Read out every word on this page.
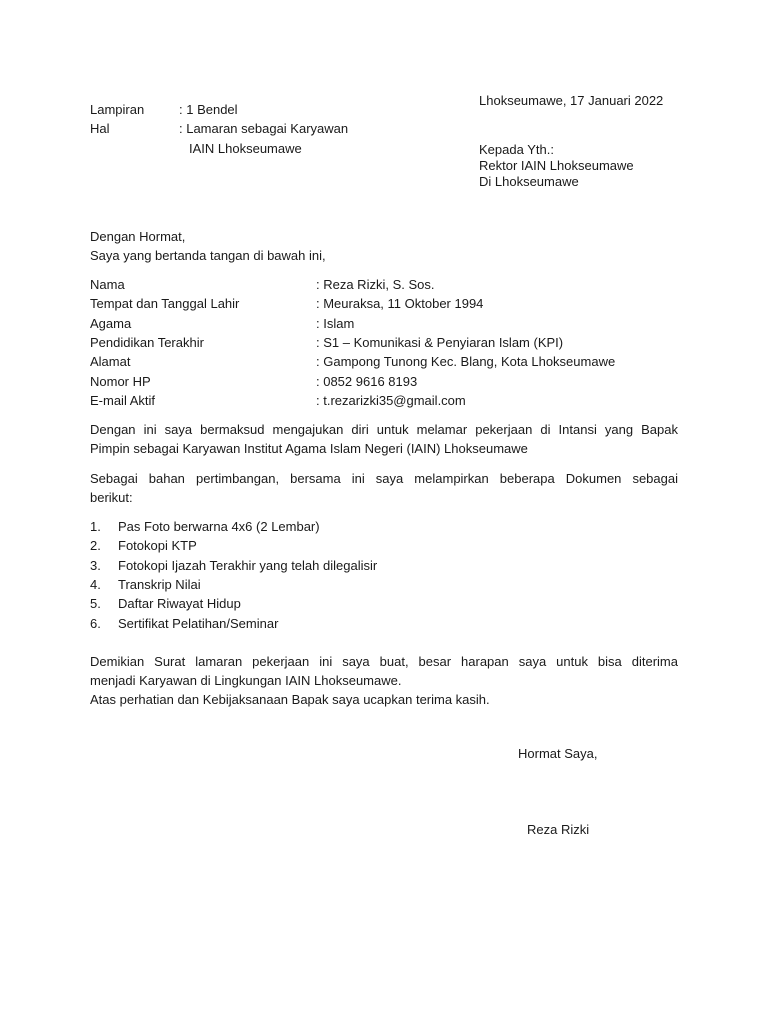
Lhokseumawe, 17 Januari 2022
Lampiran	: 1 Bendel
Hal	: Lamaran sebagai Karyawan
IAIN Lhokseumawe	Kepada Yth.:
Rektor IAIN Lhokseumawe
Di Lhokseumawe
Dengan Hormat,
Saya yang bertanda tangan di bawah ini,
Nama	: Reza Rizki, S. Sos.
Tempat dan Tanggal Lahir	: Meuraksa, 11 Oktober 1994
Agama	: Islam
Pendidikan Terakhir	: S1 – Komunikasi & Penyiaran Islam (KPI)
Alamat	: Gampong Tunong Kec. Blang, Kota Lhokseumawe
Nomor HP	: 0852 9616 8193
E-mail Aktif	: t.rezarizki35@gmail.com
Dengan ini saya bermaksud mengajukan diri untuk melamar pekerjaan di Intansi yang Bapak
Pimpin sebagai Karyawan Institut Agama Islam Negeri (IAIN) Lhokseumawe
Sebagai bahan pertimbangan, bersama ini saya melampirkan beberapa Dokumen sebagai
berikut:
1. Pas Foto berwarna 4x6 (2 Lembar)
2. Fotokopi KTP
3. Fotokopi Ijazah Terakhir yang telah dilegalisir
4. Transkrip Nilai
5. Daftar Riwayat Hidup
6. Sertifikat Pelatihan/Seminar
Demikian Surat lamaran pekerjaan ini saya buat, besar harapan saya untuk bisa diterima
menjadi Karyawan di Lingkungan IAIN Lhokseumawe.
Atas perhatian dan Kebijaksanaan Bapak saya ucapkan terima kasih.
Hormat Saya,
Reza Rizki
